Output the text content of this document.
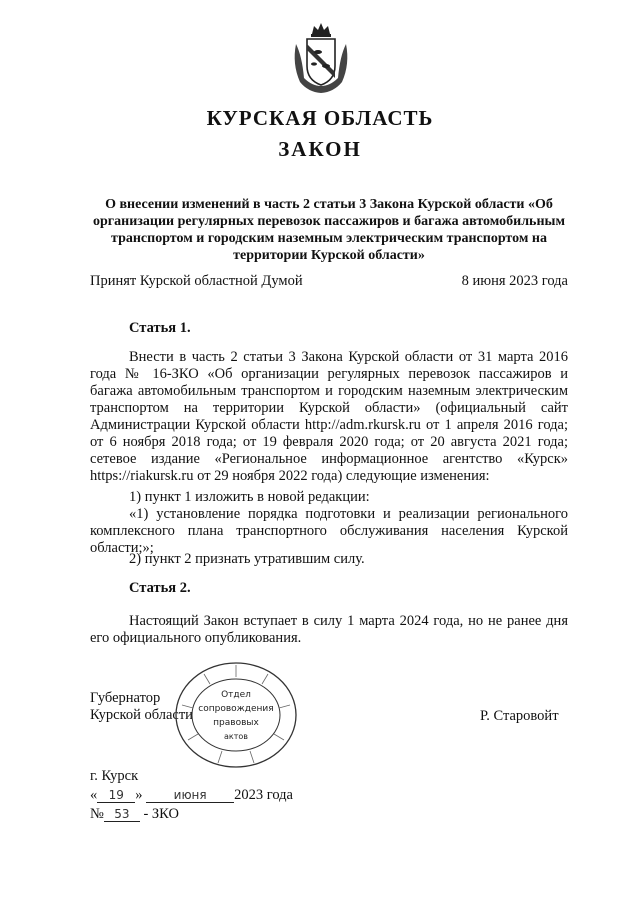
КУРСКАЯ ОБЛАСТЬ
ЗАКОН
О внесении изменений в часть 2 статьи 3 Закона Курской области «Об организации регулярных перевозок пассажиров и багажа автомобильным транспортом и городским наземным электрическим транспортом на территории Курской области»
Принят Курской областной Думой	8 июня 2023 года
Статья 1.

Внести в часть 2 статьи 3 Закона Курской области от 31 марта 2016 года № 16-ЗКО «Об организации регулярных перевозок пассажиров и багажа автомобильным транспортом и городским наземным электрическим транспортом на территории Курской области» (официальный сайт Администрации Курской области http://adm.rkursk.ru от 1 апреля 2016 года; от 6 ноября 2018 года; от 19 февраля 2020 года; от 20 августа 2021 года; сетевое издание «Региональное информационное агентство «Курск» https://riakursk.ru от 29 ноября 2022 года) следующие изменения:

1) пункт 1 изложить в новой редакции:

«1) установление порядка подготовки и реализации регионального комплексного плана транспортного обслуживания населения Курской области;»;

2) пункт 2 признать утратившим силу.

Статья 2.

Настоящий Закон вступает в силу 1 марта 2024 года, но не ранее дня его официального опубликования.

Губернатор
Курской области	Р. Старовойт
Отдел
сопровождения
правовых
актов
г. Курск
« 19 »	июня 2023 года
№ 53 - ЗКО
